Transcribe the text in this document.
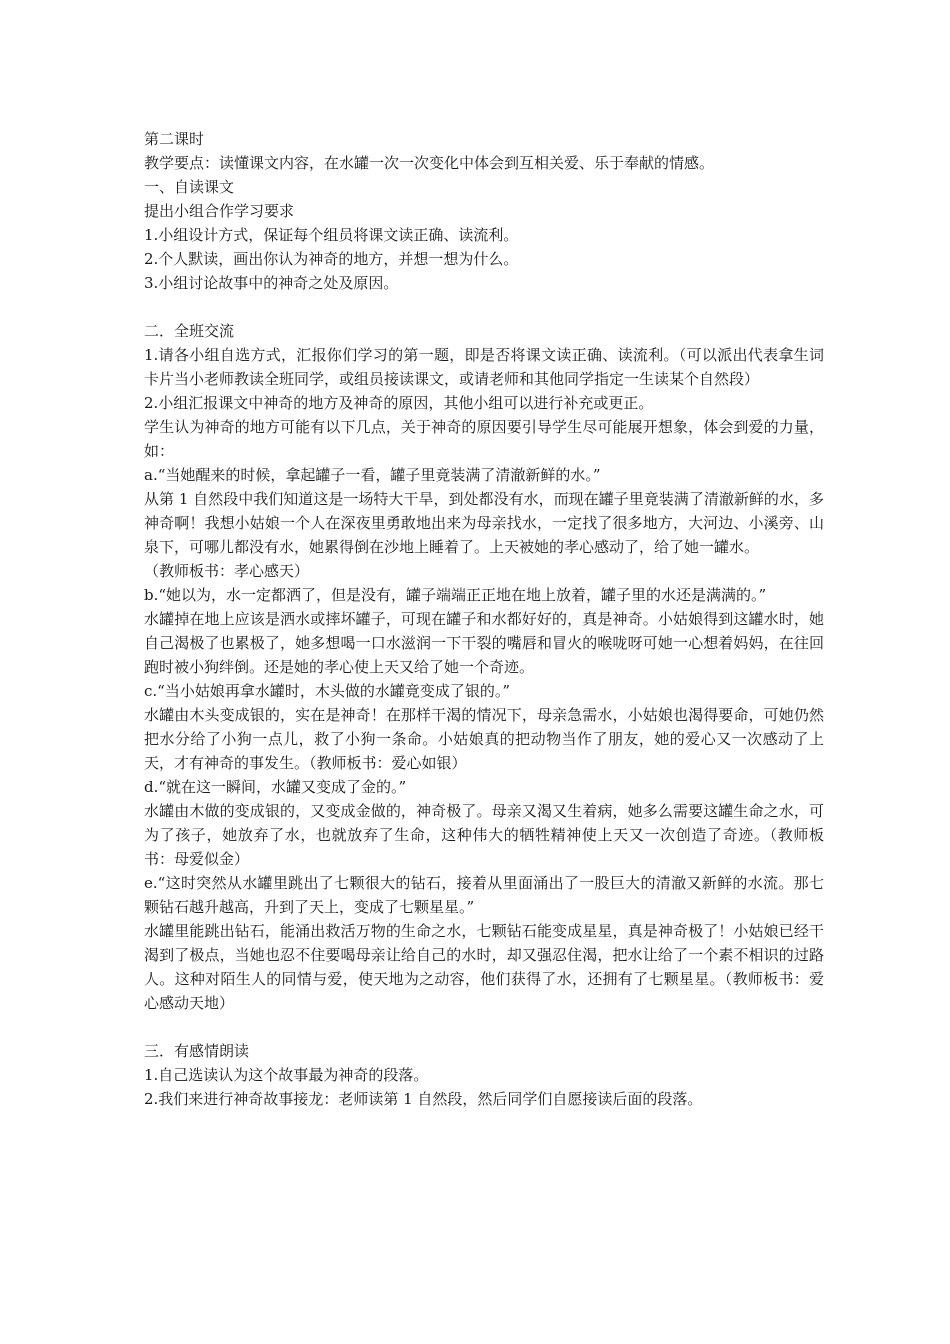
第二课时

教学要点：读懂课文内容，在水罐一次一次变化中体会到互相关爱、乐于奉献的情感。

一、自读课文

提出小组合作学习要求

1.小组设计方式，保证每个组员将课文读正确、读流利。

2.个人默读，画出你认为神奇的地方，并想一想为什么。

3.小组讨论故事中的神奇之处及原因。

二．全班交流

1.请各小组自选方式，汇报你们学习的第一题，即是否将课文读正确、读流利。（可以派出代表拿生词卡片当小老师教读全班同学，或组员接读课文，或请老师和其他同学指定一生读某个自然段）

2.小组汇报课文中神奇的地方及神奇的原因，其他小组可以进行补充或更正。

学生认为神奇的地方可能有以下几点，关于神奇的原因要引导学生尽可能展开想象，体会到爱的力量，如：

a.“当她醒来的时候，拿起罐子一看，罐子里竟装满了清澈新鲜的水。”

从第 1 自然段中我们知道这是一场特大干旱，到处都没有水，而现在罐子里竟装满了清澈新鲜的水，多神奇啊！我想小姑娘一个人在深夜里勇敢地出来为母亲找水，一定找了很多地方，大河边、小溪旁、山泉下，可哪儿都没有水，她累得倒在沙地上睡着了。上天被她的孝心感动了，给了她一罐水。

（教师板书：孝心感天）

b.“她以为，水一定都洒了，但是没有，罐子端端正正地在地上放着，罐子里的水还是满满的。”

水罐掉在地上应该是洒水或摔坏罐子，可现在罐子和水都好好的，真是神奇。小姑娘得到这罐水时，她自己渴极了也累极了，她多想喝一口水滋润一下干裂的嘴唇和冒火的喉咙呀可她一心想着妈妈，在往回跑时被小狗绊倒。还是她的孝心使上天又给了她一个奇迹。

c.“当小姑娘再拿水罐时，木头做的水罐竟变成了银的。”

水罐由木头变成银的，实在是神奇！在那样干渴的情况下，母亲急需水，小姑娘也渴得要命，可她仍然把水分给了小狗一点儿，救了小狗一条命。小姑娘真的把动物当作了朋友，她的爱心又一次感动了上天，才有神奇的事发生。（教师板书：爱心如银）

d.“就在这一瞬间，水罐又变成了金的。”

水罐由木做的变成银的，又变成金做的，神奇极了。母亲又渴又生着病，她多么需要这罐生命之水，可为了孩子，她放弃了水，也就放弃了生命，这种伟大的牺牲精神使上天又一次创造了奇迹。（教师板书：母爱似金）

e.“这时突然从水罐里跳出了七颗很大的钻石，接着从里面涌出了一股巨大的清澈又新鲜的水流。那七颗钻石越升越高，升到了天上，变成了七颗星星。”

水罐里能跳出钻石，能涌出救活万物的生命之水，七颗钻石能变成星星，真是神奇极了！小姑娘已经干渴到了极点，当她也忍不住要喝母亲让给自己的水时，却又强忍住渴，把水让给了一个素不相识的过路人。这种对陌生人的同情与爱，使天地为之动容，他们获得了水，还拥有了七颗星星。（教师板书：爱心感动天地）

三．有感情朗读

1.自己选读认为这个故事最为神奇的段落。

2.我们来进行神奇故事接龙：老师读第 1 自然段，然后同学们自愿接读后面的段落。
